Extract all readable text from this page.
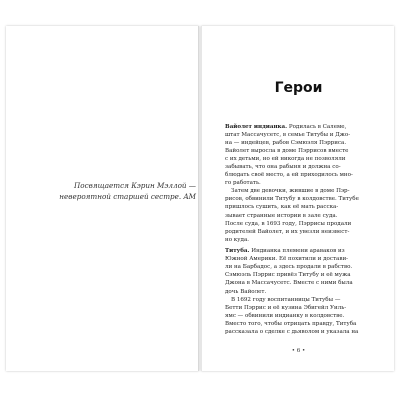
Посвящается Кэрин Мэллой —
невероятной старшей сестре. AM
Герои
Вайолет индианка. Родилась в Салеме,
штат Массачусетс, в семье Титубы и Джо-
на — индейцев, рабов Сэмюэля Пэрриса.
Вайолет выросла в доме Пэррисов вместе
с их детьми, но ей никогда не позволяли
забывать, что она рабыня и должна со-
блюдать своё место, а ей приходилось мно-
го работать.
Затем две девочки, жившие в доме Пэр-
рисов, обвинили Титубу в колдовстве. Титубе
пришлось сушить, как её мать расска-
зывает странные истории в зале суда.
После суда, в 1693 году, Пэррисы продали
родителей Вайолет, и их увезли неизвест-
но куда.
Титуба. Индианка племени араваков из
Южной Америки. Её похитили и достави-
ли на Барбадос, а здесь продали в рабство.
Сэмюэль Пэррис привёз Титубу и её мужа
Джона в Массачусетс. Вместе с ними была
дочь Вайолет.
В 1692 году воспитанницы Титубы —
Бетти Пэррис и её кузина Эбигейл Уиль-
ямс — обвинили индианку в колдовстве.
Вместо того, чтобы отрицать правду, Титуба
рассказала о сделке с дьяволом и указала на
• 6 •
